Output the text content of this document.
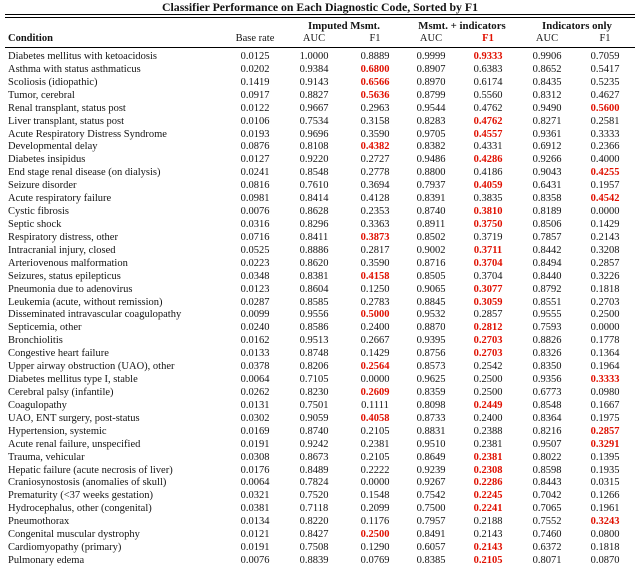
Classifier Performance on Each Diagnostic Code, Sorted by F1
Imputed Msmt.	Msmt. + indicators	Indicators only
Condition	Base rate	AUC	F1	AUC	F1	AUC	F1
Diabetes mellitus with ketoacidosis	0.0125	1.0000	0.8889	0.9999	0.9333	0.9906	0.7059
Asthma with status asthmaticus	0.0202	0.9384	0.6800	0.8907	0.6383	0.8652	0.5417
Scoliosis (idiopathic)	0.1419	0.9143	0.6566	0.8970	0.6174	0.8435	0.5235
Tumor, cerebral	0.0917	0.8827	0.5636	0.8799	0.5560	0.8312	0.4627
Renal transplant, status post	0.0122	0.9667	0.2963	0.9544	0.4762	0.9490	0.5600
Liver transplant, status post	0.0106	0.7534	0.3158	0.8283	0.4762	0.8271	0.2581
Acute Respiratory Distress Syndrome	0.0193	0.9696	0.3590	0.9705	0.4557	0.9361	0.3333
Developmental delay	0.0876	0.8108	0.4382	0.8382	0.4331	0.6912	0.2366
Diabetes insipidus	0.0127	0.9220	0.2727	0.9486	0.4286	0.9266	0.4000
End stage renal disease (on dialysis)	0.0241	0.8548	0.2778	0.8800	0.4186	0.9043	0.4255
Seizure disorder	0.0816	0.7610	0.3694	0.7937	0.4059	0.6431	0.1957
Acute respiratory failure	0.0981	0.8414	0.4128	0.8391	0.3835	0.8358	0.4542
Cystic fibrosis	0.0076	0.8628	0.2353	0.8740	0.3810	0.8189	0.0000
Septic shock	0.0316	0.8296	0.3363	0.8911	0.3750	0.8506	0.1429
Respiratory distress, other	0.0716	0.8411	0.3873	0.8502	0.3719	0.7857	0.2143
Intracranial injury, closed	0.0525	0.8886	0.2817	0.9002	0.3711	0.8442	0.3208
Arteriovenous malformation	0.0223	0.8620	0.3590	0.8716	0.3704	0.8494	0.2857
Seizures, status epilepticus	0.0348	0.8381	0.4158	0.8505	0.3704	0.8440	0.3226
Pneumonia due to adenovirus	0.0123	0.8604	0.1250	0.9065	0.3077	0.8792	0.1818
Leukemia (acute, without remission)	0.0287	0.8585	0.2783	0.8845	0.3059	0.8551	0.2703
Disseminated intravascular coagulopathy	0.0099	0.9556	0.5000	0.9532	0.2857	0.9555	0.2500
Septicemia, other	0.0240	0.8586	0.2400	0.8870	0.2812	0.7593	0.0000
Bronchiolitis	0.0162	0.9513	0.2667	0.9395	0.2703	0.8826	0.1778
Congestive heart failure	0.0133	0.8748	0.1429	0.8756	0.2703	0.8326	0.1364
Upper airway obstruction (UAO), other	0.0378	0.8206	0.2564	0.8573	0.2542	0.8350	0.1964
Diabetes mellitus type I, stable	0.0064	0.7105	0.0000	0.9625	0.2500	0.9356	0.3333
Cerebral palsy (infantile)	0.0262	0.8230	0.2609	0.8359	0.2500	0.6773	0.0980
Coagulopathy	0.0131	0.7501	0.1111	0.8098	0.2449	0.8548	0.1667
UAO, ENT surgery, post-status	0.0302	0.9059	0.4058	0.8733	0.2400	0.8364	0.1975
Hypertension, systemic	0.0169	0.8740	0.2105	0.8831	0.2388	0.8216	0.2857
Acute renal failure, unspecified	0.0191	0.9242	0.2381	0.9510	0.2381	0.9507	0.3291
Trauma, vehicular	0.0308	0.8673	0.2105	0.8649	0.2381	0.8022	0.1395
Hepatic failure (acute necrosis of liver)	0.0176	0.8489	0.2222	0.9239	0.2308	0.8598	0.1935
Craniosynostosis (anomalies of skull)	0.0064	0.7824	0.0000	0.9267	0.2286	0.8443	0.0315
Prematurity (<37 weeks gestation)	0.0321	0.7520	0.1548	0.7542	0.2245	0.7042	0.1266
Hydrocephalus, other (congenital)	0.0381	0.7118	0.2099	0.7500	0.2241	0.7065	0.1961
Pneumothorax	0.0134	0.8220	0.1176	0.7957	0.2188	0.7552	0.3243
Congenital muscular dystrophy	0.0121	0.8427	0.2500	0.8491	0.2143	0.7460	0.0800
Cardiomyopathy (primary)	0.0191	0.7508	0.1290	0.6057	0.2143	0.6372	0.1818
Pulmonary edema	0.0076	0.8839	0.0769	0.8385	0.2105	0.8071	0.0870
